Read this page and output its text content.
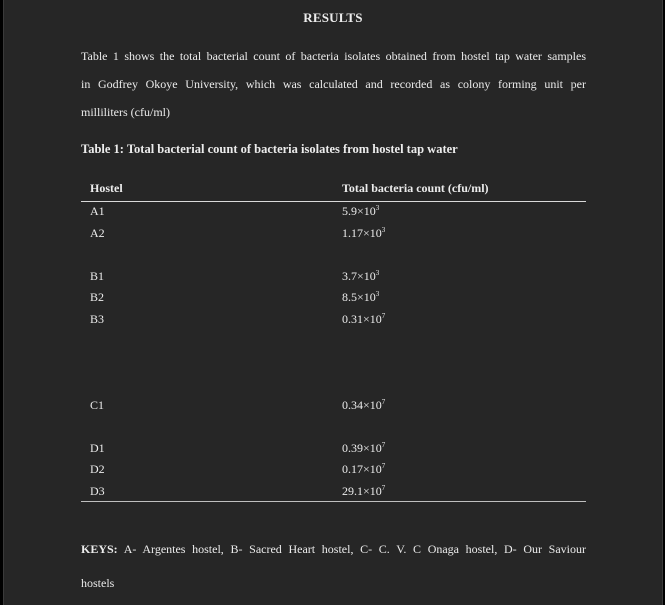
RESULTS
Table 1 shows the total bacterial count of bacteria isolates obtained from hostel tap water samples
in Godfrey Okoye University, which was calculated and recorded as colony forming unit per
milliliters (cfu/ml)
Table 1: Total bacterial count of bacteria isolates from hostel tap water
Hostel	Total bacteria count (cfu/ml)
A1	$5.9\times 10^3$
A2	$1.17\times 10^3$
B1	$3.7\times 10^3$
B2	$8.5\times 10^3$
B3	$0.31\times 10^7$
C1	$0.34\times 10^7$
D1	$0.39\times 10^7$
D2	$0.17\times 10^7$
D3	$29.1\times 10^7$
KEYS: A- Argentes hostel, B- Sacred Heart hostel, C- C. V. C Onaga hostel, D- Our Saviour
hostels
